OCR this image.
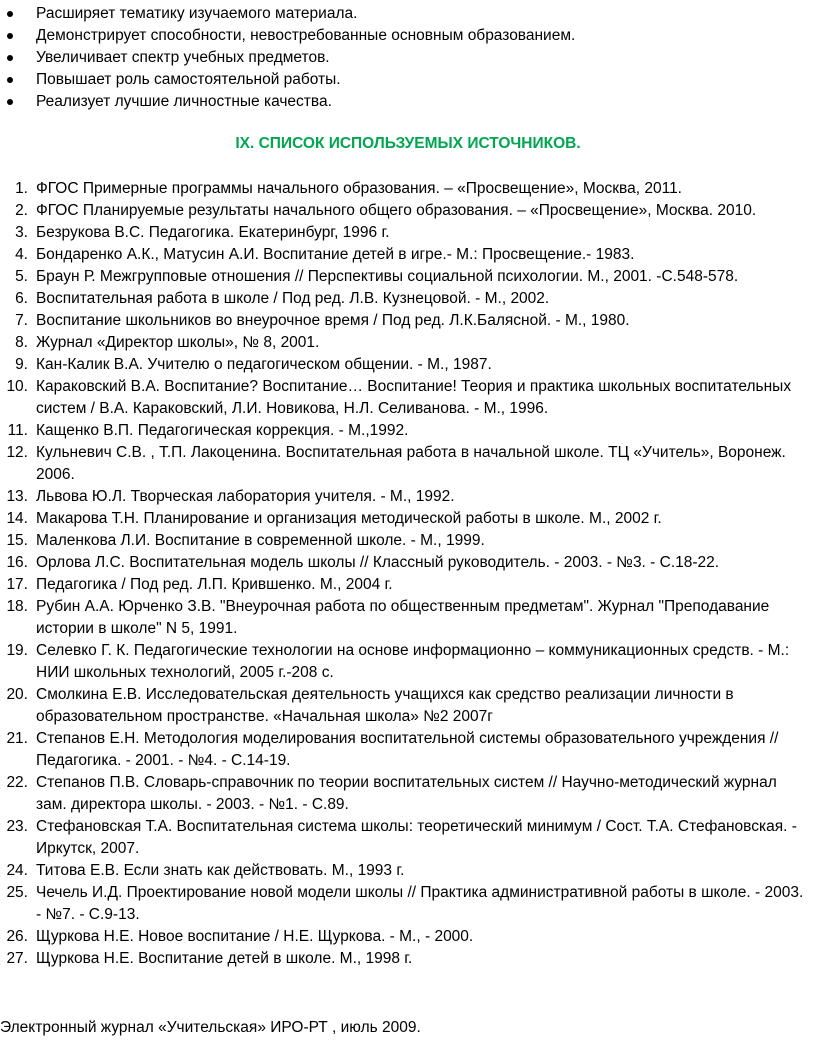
Расширяет тематику изучаемого материала.
Демонстрирует способности, невостребованные основным образованием.
Увеличивает спектр учебных предметов.
Повышает роль самостоятельной работы.
Реализует лучшие личностные качества.
IX. СПИСОК ИСПОЛЬЗУЕМЫХ ИСТОЧНИКОВ.
1. ФГОС Примерные программы начального образования. – «Просвещение», Москва, 2011.
2. ФГОС Планируемые результаты начального общего образования. – «Просвещение», Москва. 2010.
3. Безрукова В.С. Педагогика. Екатеринбург, 1996 г.
4. Бондаренко А.К., Матусин А.И. Воспитание детей в игре.- М.: Просвещение.- 1983.
5. Браун Р. Межгрупповые отношения // Перспективы социальной психологии. М., 2001. -С.548-578.
6. Воспитательная работа в школе / Под ред. Л.В. Кузнецовой. - М., 2002.
7. Воспитание школьников во внеурочное время / Под ред. Л.К.Балясной. - М., 1980.
8. Журнал «Директор школы», № 8, 2001.
9. Кан-Калик В.А. Учителю о педагогическом общении. - М., 1987.
10. Караковский В.А. Воспитание? Воспитание… Воспитание! Теория и практика школьных воспитательных систем / В.А. Караковский, Л.И. Новикова, Н.Л. Селиванова. - М., 1996.
11. Кащенко В.П. Педагогическая коррекция. - М.,1992.
12. Кульневич С.В. , Т.П. Лакоценина. Воспитательная работа в начальной школе. ТЦ «Учитель», Воронеж. 2006.
13. Львова Ю.Л. Творческая лаборатория учителя. - М., 1992.
14. Макарова Т.Н. Планирование и организация методической работы в школе. М., 2002 г.
15. Маленкова Л.И. Воспитание в современной школе. - М., 1999.
16. Орлова Л.С. Воспитательная модель школы // Классный руководитель. - 2003. - №3. - С.18-22.
17. Педагогика / Под ред. Л.П. Крившенко. М., 2004 г.
18. Рубин А.А. Юрченко З.В. "Внеурочная работа по общественным предметам". Журнал "Преподавание истории в школе" N 5, 1991.
19. Селевко Г. К. Педагогические технологии на основе информационно – коммуникационных средств. - М.: НИИ школьных технологий, 2005 г.-208 с.
20. Смолкина Е.В. Исследовательская деятельность учащихся как средство реализации личности в образовательном пространстве. «Начальная школа» №2 2007г
21. Степанов Е.Н. Методология моделирования воспитательной системы образовательного учреждения // Педагогика. - 2001. - №4. - С.14-19.
22. Степанов П.В. Словарь-справочник по теории воспитательных систем // Научно-методический журнал зам. директора школы. - 2003. - №1. - С.89.
23. Стефановская Т.А. Воспитательная система школы: теоретический минимум / Сост. Т.А. Стефановская. - Иркутск, 2007.
24. Титова Е.В. Если знать как действовать. М., 1993 г.
25. Чечель И.Д. Проектирование новой модели школы // Практика административной работы в школе. - 2003. - №7. - С.9-13.
26. Щуркова Н.Е. Новое воспитание / Н.Е. Щуркова. - М., - 2000.
27. Щуркова Н.Е. Воспитание детей в школе. М., 1998 г.
Электронный журнал «Учительская» ИРО-РТ , июль 2009.
